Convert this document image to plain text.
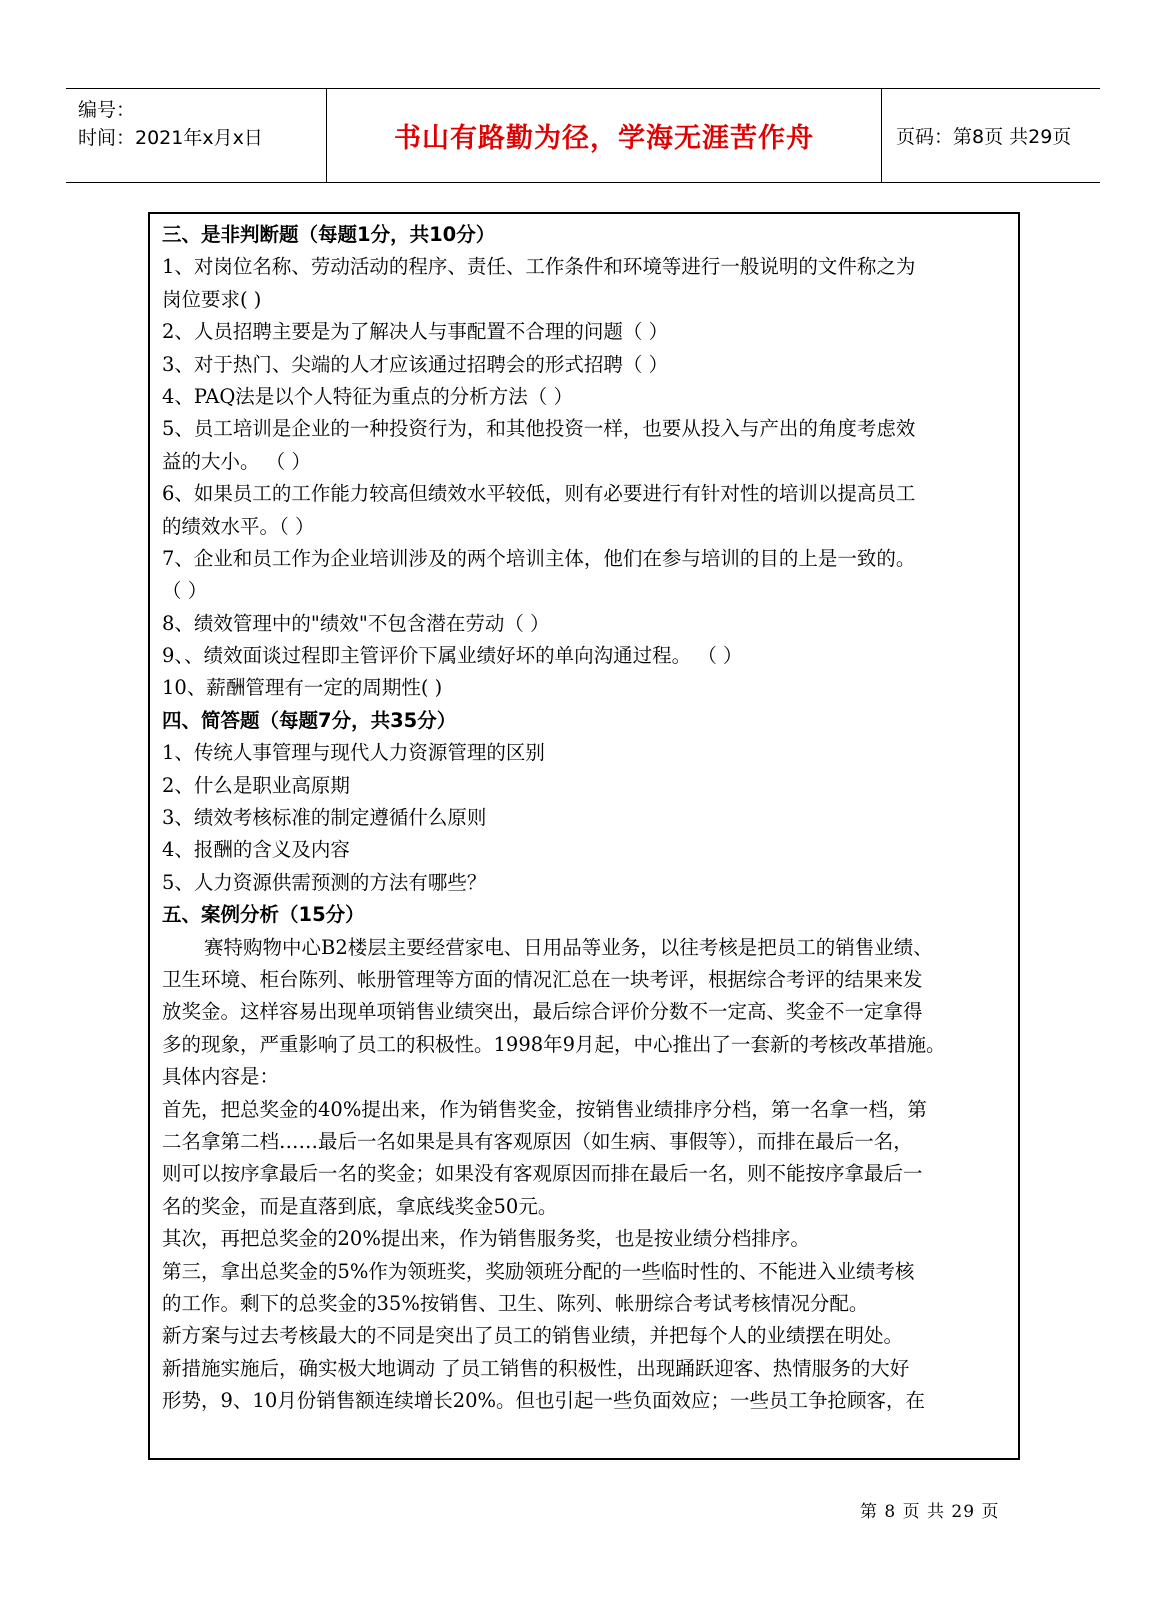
编号：
时间：2021年x月x日	书山有路勤为径，学海无涯苦作舟	页码：第8页 共29页
三、是非判断题（每题1分，共10分）
1、对岗位名称、劳动活动的程序、责任、工作条件和环境等进行一般说明的文件称之为
岗位要求( )
2、人员招聘主要是为了解决人与事配置不合理的问题（ ）
3、对于热门、尖端的人才应该通过招聘会的形式招聘（ ）
4、PAQ法是以个人特征为重点的分析方法（ ）
5、员工培训是企业的一种投资行为，和其他投资一样，也要从投入与产出的角度考虑效
益的大小。 （ ）
6、如果员工的工作能力较高但绩效水平较低，则有必要进行有针对性的培训以提高员工
的绩效水平。（ ）
7、企业和员工作为企业培训涉及的两个培训主体，他们在参与培训的目的上是一致的。
（ ）
8、绩效管理中的"绩效"不包含潜在劳动（ ）
9、、绩效面谈过程即主管评价下属业绩好坏的单向沟通过程。 （ ）
10、薪酬管理有一定的周期性( )
四、简答题（每题7分，共35分）
1、传统人事管理与现代人力资源管理的区别
2、什么是职业高原期
3、绩效考核标准的制定遵循什么原则
4、报酬的含义及内容
5、人力资源供需预测的方法有哪些？
五、案例分析（15分）
赛特购物中心B2楼层主要经营家电、日用品等业务，以往考核是把员工的销售业绩、
卫生环境、柜台陈列、帐册管理等方面的情况汇总在一块考评，根据综合考评的结果来发
放奖金。这样容易出现单项销售业绩突出，最后综合评价分数不一定高、奖金不一定拿得
多的现象，严重影响了员工的积极性。1998年9月起，中心推出了一套新的考核改革措施。
具体内容是：
首先，把总奖金的40%提出来，作为销售奖金，按销售业绩排序分档，第一名拿一档，第
二名拿第二档……最后一名如果是具有客观原因（如生病、事假等），而排在最后一名，
则可以按序拿最后一名的奖金；如果没有客观原因而排在最后一名，则不能按序拿最后一
名的奖金，而是直落到底，拿底线奖金50元。
其次，再把总奖金的20%提出来，作为销售服务奖，也是按业绩分档排序。
第三，拿出总奖金的5%作为领班奖，奖励领班分配的一些临时性的、不能进入业绩考核
的工作。剩下的总奖金的35%按销售、卫生、陈列、帐册综合考试考核情况分配。
新方案与过去考核最大的不同是突出了员工的销售业绩，并把每个人的业绩摆在明处。
新措施实施后，确实极大地调动 了员工销售的积极性，出现踊跃迎客、热情服务的大好
形势，9、10月份销售额连续增长20%。但也引起一些负面效应；一些员工争抢顾客，在
第 8 页 共 29 页
